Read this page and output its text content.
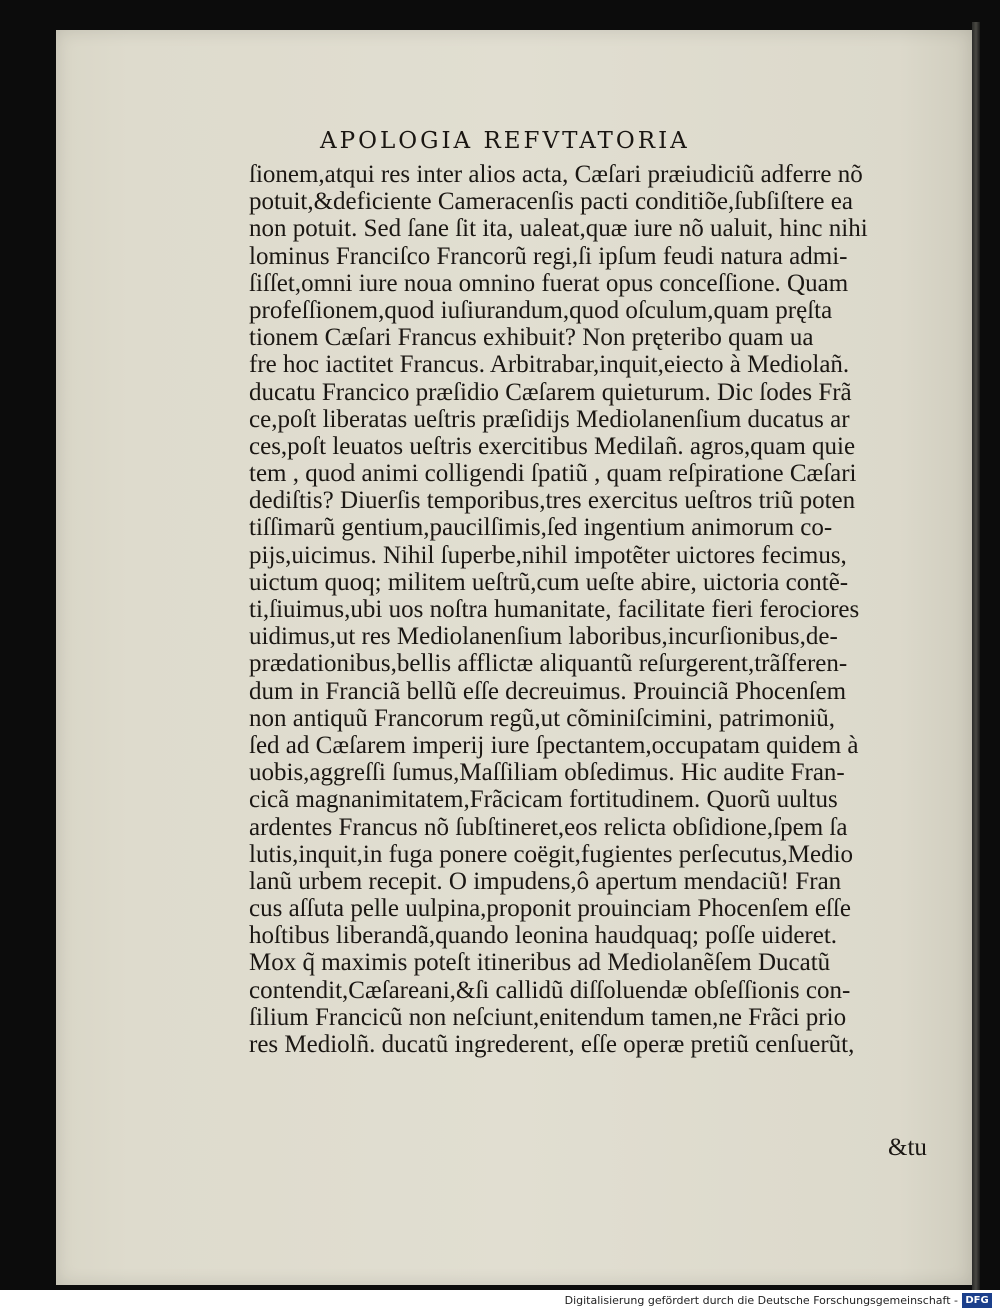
APOLOGIA REFVTATORIA
ſionem,atqui res inter alios acta, Cæſari præiudiciũ adferre nõ
potuit,&deficiente Cameracenſis pacti conditiõe,ſubſiſtere ea
non potuit. Sed ſane ſit ita, ualeat,quæ iure nõ ualuit, hinc nihi
lominus Franciſco Francorũ regi,ſi ipſum feudi natura admi-
ſiſſet,omni iure noua omnino fuerat opus conceſſione. Quam
profeſſionem,quod iuſiurandum,quod oſculum,quam pręſta
tionem Cæſari Francus exhibuit? Non pręteribo quam ua
fre hoc iactitet Francus. Arbitrabar,inquit,eiecto à Mediolañ.
ducatu Francico præſidio Cæſarem quieturum. Dic ſodes Frã
ce,poſt liberatas ueſtris præſidijs Mediolanenſium ducatus ar
ces,poſt leuatos ueſtris exercitibus Medilañ. agros,quam quie
tem , quod animi colligendi ſpatiũ , quam reſpiratione Cæſari
dediſtis? Diuerſis temporibus,tres exercitus ueſtros triũ poten
tiſſimarũ gentium,paucilſimis,ſed ingentium animorum co-
pijs,uicimus. Nihil ſuperbe,nihil impotẽter uictores fecimus,
uictum quoq; militem ueſtrũ,cum ueſte abire, uictoria contẽ-
ti,ſiuimus,ubi uos noſtra humanitate, facilitate fieri ferociores
uidimus,ut res Mediolanenſium laboribus,incurſionibus,de-
prædationibus,bellis afflictæ aliquantũ reſurgerent,trãſferen-
dum in Franciã bellũ eſſe decreuimus. Prouinciã Phocenſem
non antiquũ Francorum regũ,ut cõminiſcimini, patrimoniũ,
ſed ad Cæſarem imperij iure ſpectantem,occupatam quidem à
uobis,aggreſſi ſumus,Maſſiliam obſedimus. Hic audite Fran-
cicã magnanimitatem,Frãcicam fortitudinem. Quorũ uultus
ardentes Francus nõ ſubſtineret,eos relicta obſidione,ſpem ſa
lutis,inquit,in fuga ponere coëgit,fugientes perſecutus,Medio
lanũ urbem recepit. O impudens,ô apertum mendaciũ! Fran
cus aſſuta pelle uulpina,proponit prouinciam Phocenſem eſſe
hoſtibus liberandã,quando leonina haudquaq; poſſe uideret.
Mox q̃ maximis poteſt itineribus ad Mediolanẽſem Ducatũ
contendit,Cæſareani,&ſi callidũ diſſoluendæ obſeſſionis con-
ſilium Francicũ non neſciunt,enitendum tamen,ne Frãci prio
res Mediolñ. ducatũ ingrederent, eſſe operæ pretiũ cenſuerũt,
&tu
Digitalisierung gefördert durch die Deutsche Forschungsgemeinschaft - DFG
